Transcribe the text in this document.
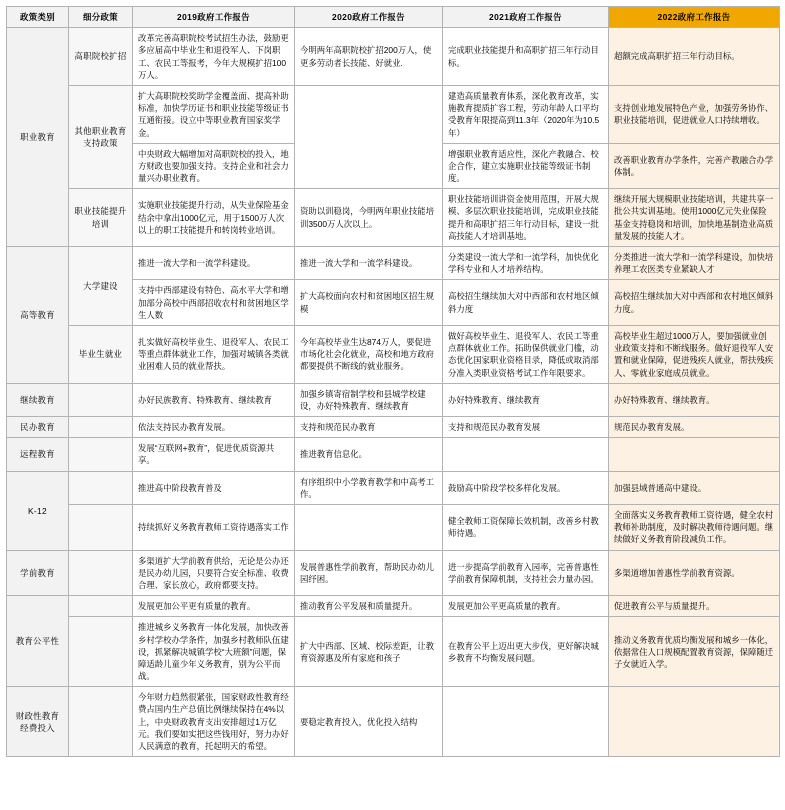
政策类别	细分政策	2019政府工作报告	2020政府工作报告	2021政府工作报告	2022政府工作报告
职业教育	高职院校扩招	改革完善高职院校考试招生办法，鼓励更多应届高中毕业生和退役军人、下岗职工、农民工等报考，今年大规模扩招100万人。	今明两年高职院校扩招200万人，使更多劳动者长技能、好就业.	完成职业技能提升和高职扩招三年行动目标。	超额完成高职扩招三年行动目标。
	其他职业教育支持政策	扩大高职院校奖助学金覆盖面、提高补助标准，加快学历证书和职业技能等级证书互通衔接。设立中等职业教育国家奖学金。		建造高质量教育体系，深化教育改革，实施教育提质扩容工程，劳动年龄人口平均受教育年限提高到11.3年（2020年为10.5年）	支持创业地发展特色产业，加强劳务协作、职业技能培训，促进就业人口持续增收。
		中央财政大幅增加对高职院校的投入，地方财政也要加强支持。支持企业和社会力量兴办职业教育。		增强职业教育适应性，深化产教融合、校企合作，建立实施职业技能等级证书制度。	改善职业教育办学条件，完善产教融合办学体制。
	职业技能提升培训	实施职业技能提升行动，从失业保险基金结余中拿出1000亿元，用于1500万人次以上的职工技能提升和转岗转业培训。	资助以训稳岗，今明两年职业技能培训3500万人次以上。	职业技能培训讲资金使用范围，开展大规模、多层次职业技能培训，完成职业技能提升和高职扩招三年行动目标，建设一批高技能人才培训基地。	继续开展大规模职业技能培训，共建共享一批公共实训基地。使用1000亿元失业保险基金支持稳岗和培训，加快地基制造业高质量发展的技能人才。
高等教育	大学建设	推进一流大学和一流学科建设。	推进一流大学和一流学科建设。	分类建设一流大学和一流学科，加快优化学科专业和人才培养结构。	分类推进一流大学和一流学科建设，加快培养理工农医类专业紧缺人才
		支持中西部建设有特色、高水平大学和增加部分高校中西部招收农村和贫困地区学生人数	扩大高校面向农村和贫困地区招生规模	高校招生继续加大对中西部和农村地区倾斜力度	高校招生继续加大对中西部和农村地区倾斜力度。
	毕业生就业	扎实做好高校毕业生、退役军人、农民工等重点群体就业工作，加强对城镇各类就业困难人员的就业帮扶。	今年高校毕业生达874万人，要促进市场化社会化就业，高校和地方政府都要提供不断线的就业服务。	做好高校毕业生、退役军人、农民工等重点群体就业工作。拓助保供就业门槛，动态优化国家职业资格目录，降低或取消部分准入类职业资格考试工作年限要求。	高校毕业生超过1000万人，要加强就业创业政策支持和不断线服务。做好退役军人安置和就业保障，促进残疾人就业，帮扶残疾人、零就业家庭成员就业。
继续教育		办好民族教育、特殊教育、继续教育	加强乡镇寄宿制学校和县城学校建设，办好特殊教育、继续教育	办好特殊教育、继续教育	办好特殊教育、继续教育。
民办教育		依法支持民办教育发展。	支持和规范民办教育	支持和规范民办教育发展	规范民办教育发展。
远程教育		发展“互联网+教育”，促进优质资源共享。	推进教育信息化。		
K-12		推进高中阶段教育普及	有序组织中小学教育教学和中高考工作。	鼓励高中阶段学校多样化发展。	加强县域普通高中建设。
		持续抓好义务教育教师工资待遇落实工作		健全教师工资保障长效机制，改善乡村教师待遇。	全面落实义务教育教师工资待遇，健全农村教师补助制度，及时解决教师待遇问题。继续做好义务教育阶段减负工作。
学前教育		多渠道扩大学前教育供给，无论是公办还是民办幼儿园，只要符合安全标准、收费合理、家长放心，政府都要支持。	发展普惠性学前教育，帮助民办幼儿园纾困。	进一步提高学前教育入园率，完善普惠性学前教育保障机制，支持社会力量办园。	多渠道增加普惠性学前教育资源。
教育公平性		发展更加公平更有质量的教育。	推动教育公平发展和质量提升。	发展更加公平更高质量的教育。	促进教育公平与质量提升。
		推进城乡义务教育一体化发展，加快改善乡村学校办学条件，加强乡村教师队伍建设，抓紧解决城镇学校“大班额”问题，保障适龄儿童少年义务教育，别为公平而战。	扩大中西部、区域、校际差距，让教育资源惠及所有家庭和孩子	在教育公平上迈出更大步伐，更好解决城乡教育不均衡发展问题。	推动义务教育优质均衡发展和城乡一体化，依据常住人口规模配置教育资源，保障随迁子女就近入学。
财政性教育经费投入		今年财力趋然很紧张，国家财政性教育经费占国内生产总值比例继续保持在4%以上，中央财政教育支出安排超过1万亿元。我们要如实把这些钱用好，努力办好人民满意的教育，托起明天的希望。	要稳定教育投入，优化投入结构		
